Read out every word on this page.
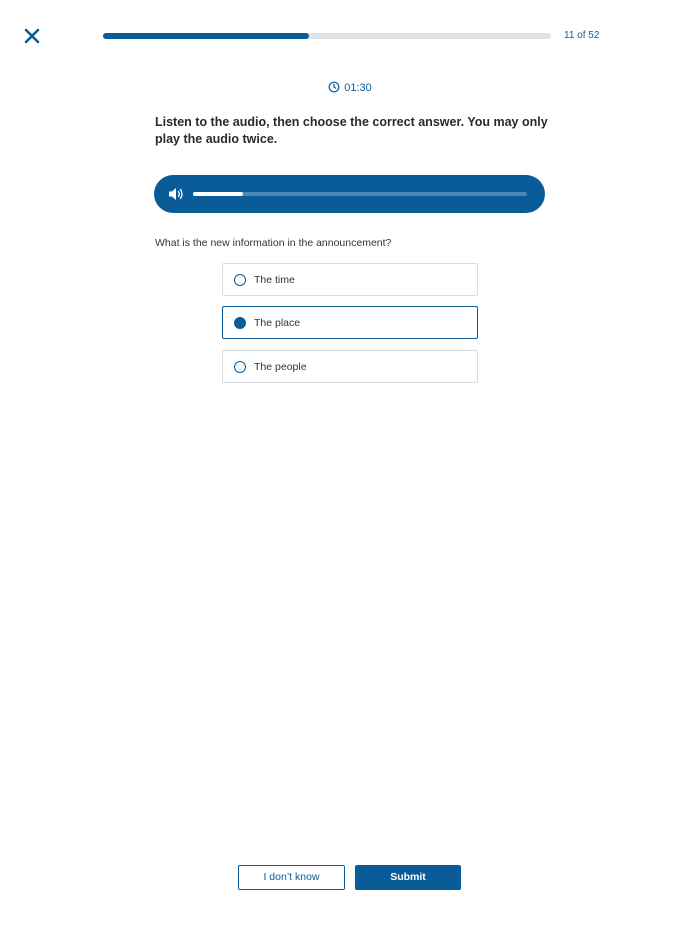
11 of 52
01:30
Listen to the audio, then choose the correct answer. You may only play the audio twice.
What is the new information in the announcement?
The time
The place
The people
I don’t know	Submit
